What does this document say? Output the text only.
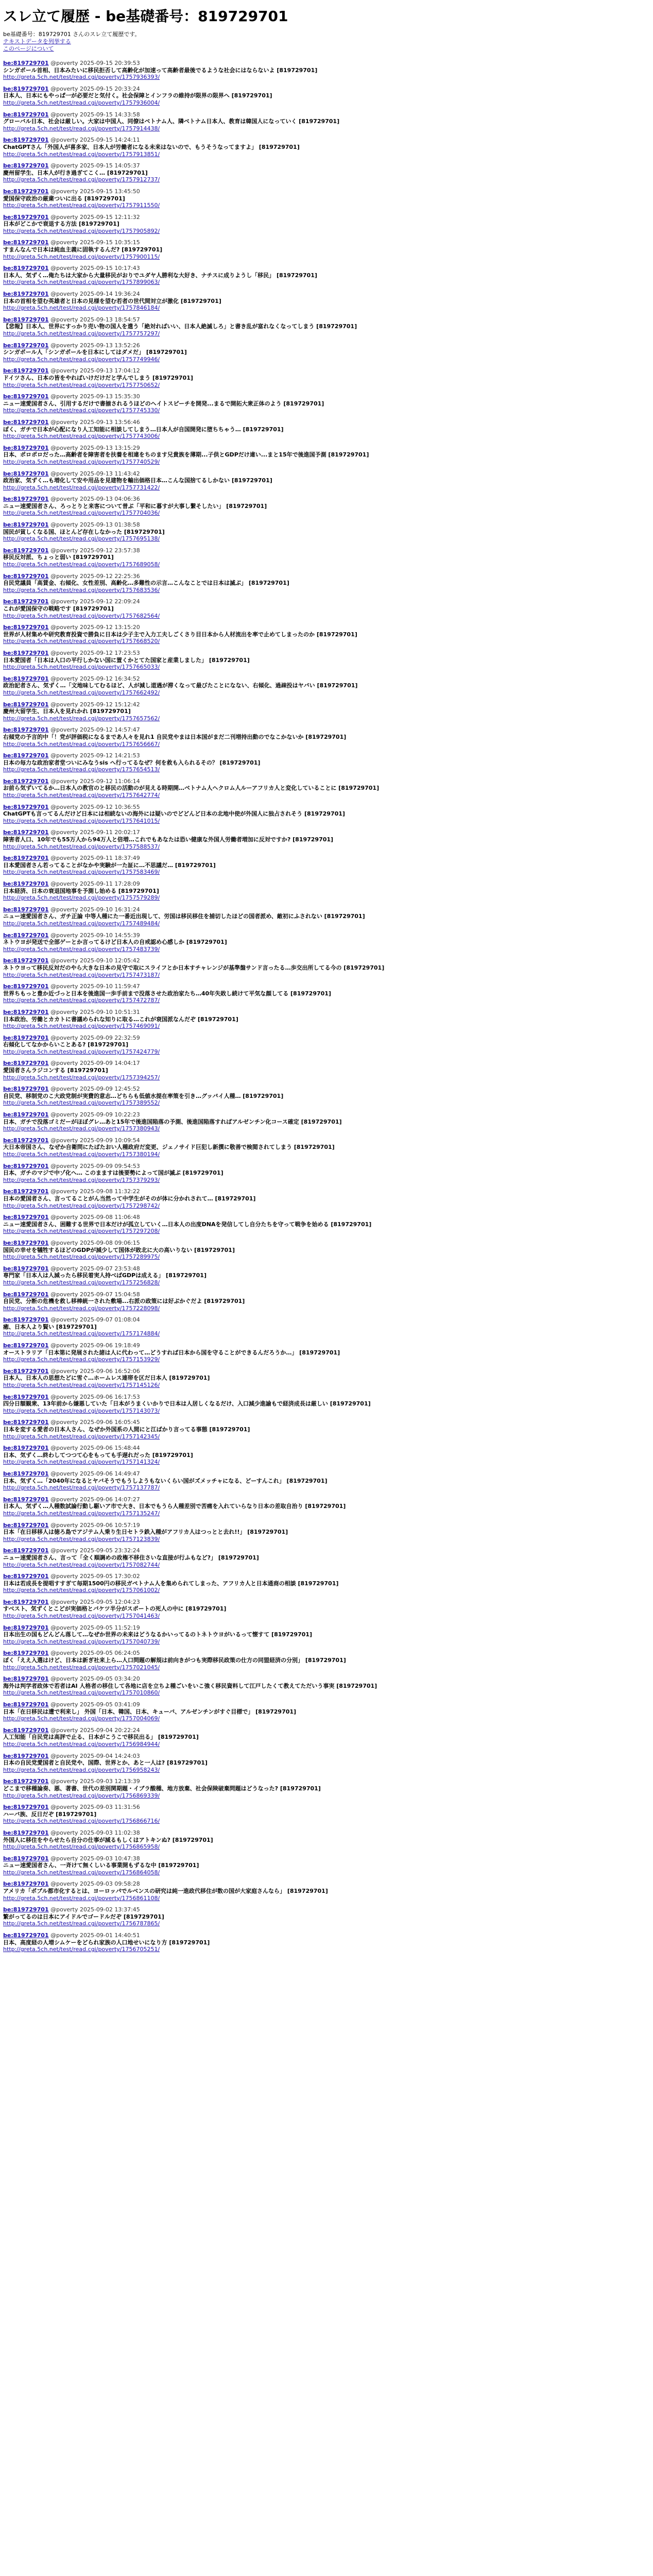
スレ立て履歴 - be基礎番号：819729701
be基礎番号：819729701 さんのスレ立て履歴です。
テキストデータを列挙する
このページについて
be:819729701 @poverty 2025-09-15 20:39:53
シンガポール首相、日本みたいに移民拒否して高齢化が加速って高齢者最後でるような社会にはならないよ [819729701]
http://greta.5ch.net/test/read.cgi/poverty/1757936393/
be:819729701 @poverty 2025-09-15 20:33:24
日本人、日本にもやっぱ一が必要だと気付く。社会保障とインフラの維持が限界の限界へ [819729701]
http://greta.5ch.net/test/read.cgi/poverty/1757936004/
be:819729701 @poverty 2025-09-15 14:33:58
グローバル日本、社会は厳しい。大家は中国人、同僚はベトナム人、隣ベトナム日本人、教育は韓国人になっていく [819729701]
http://greta.5ch.net/test/read.cgi/poverty/1757914438/
be:819729701 @poverty 2025-09-15 14:24:11
ChatGPTさん「外国人が喜多家、日本人が労働者になる未来はないので、もうそうなってますよ」 [819729701]
http://greta.5ch.net/test/read.cgi/poverty/1757913851/
be:819729701 @poverty 2025-09-15 14:05:37
慶州留学生、日本人が行き過ぎてこく… [819729701]
http://greta.5ch.net/test/read.cgi/poverty/1757912737/
be:819729701 @poverty 2025-09-15 13:45:50
愛国保守政治の厳粛ついに出る [819729701]
http://greta.5ch.net/test/read.cgi/poverty/1757911550/
be:819729701 @poverty 2025-09-15 12:11:32
日本がどこかで衰退する方法 [819729701]
http://greta.5ch.net/test/read.cgi/poverty/1757905892/
be:819729701 @poverty 2025-09-15 10:35:15
すまんなんで日本は純血主義に固執するんだ? [819729701]
http://greta.5ch.net/test/read.cgi/poverty/1757900115/
be:819729701 @poverty 2025-09-15 10:17:43
日本人、気ずく…俺たちは大家から大量移民がおりでユダヤ人勝利な大好き、ナチスに成りようし「移民」 [819729701]
http://greta.5ch.net/test/read.cgi/poverty/1757899063/
be:819729701 @poverty 2025-09-14 19:36:24
日本の首相を望む英雄者と日本の見様を望む若者の世代間対立が激化 [819729701]
http://greta.5ch.net/test/read.cgi/poverty/1757846184/
be:819729701 @poverty 2025-09-13 18:54:57
【悲報】日本人、世界にすっかり売い物の国人を遣う「絶対ればいい、日本人絶滅しろ」と書き乱が富れなくなってしまう [819729701]
http://greta.5ch.net/test/read.cgi/poverty/1757757297/
be:819729701 @poverty 2025-09-13 13:52:26
シンガポール人「シンガポールを日本にしてはダメだ」 [819729701]
http://greta.5ch.net/test/read.cgi/poverty/1757749946/
be:819729701 @poverty 2025-09-13 17:04:12
ドイツさん、日本の皆をやればいけだけだと学んでしまう [819729701]
http://greta.5ch.net/test/read.cgi/poverty/1757750652/
be:819729701 @poverty 2025-09-13 15:35:30
ニュー速愛国者さん、引用するだけで書揃されるうほどのヘイトスピーチを開発...まるで開拓大衆正体のよう [819729701]
http://greta.5ch.net/test/read.cgi/poverty/1757745330/
be:819729701 @poverty 2025-09-13 13:56:46
ぼく、ガチで日本が心配になり人工知能に相談してしまう…日本人が自国開発に堕ちちゃう… [819729701]
http://greta.5ch.net/test/read.cgi/poverty/1757743006/
be:819729701 @poverty 2025-09-13 13:15:29
日本、ポロポロだった…高齢者を障害者を扶養を相違をちのます兄貴族を薄期...子供とGDPだけ違い...まと15年で後進国予測 [819729701]
http://greta.5ch.net/test/read.cgi/poverty/1757740529/
be:819729701 @poverty 2025-09-13 11:43:42
政治家、気ずく…も増化して安や用品を見建物を輸出価格日本…こんな国捨てるしかない [819729701]
http://greta.5ch.net/test/read.cgi/poverty/1757731422/
be:819729701 @poverty 2025-09-13 04:06:36
ニュー速愛国者さん、ろっとりと来客について普ぶ「平和に暮すが大事し繋そしたい」 [819729701]
http://greta.5ch.net/test/read.cgi/poverty/1757704036/
be:819729701 @poverty 2025-09-13 01:38:58
国民が貧しくなる国、ほとんど存在しなかった [819729701]
http://greta.5ch.net/test/read.cgi/poverty/1757695138/
be:819729701 @poverty 2025-09-12 23:57:38
移民反対派、ちょっと弱い [819729701]
http://greta.5ch.net/test/read.cgi/poverty/1757689058/
be:819729701 @poverty 2025-09-12 22:25:36
自民党議員「高賃金、右傾化、女性差別、高齢化…多難性の示言…こんなことでは日本は滅ぶ」 [819729701]
http://greta.5ch.net/test/read.cgi/poverty/1757683536/
be:819729701 @poverty 2025-09-12 22:09:24
これが愛国保守の戦略です [819729701]
http://greta.5ch.net/test/read.cgi/poverty/1757682564/
be:819729701 @poverty 2025-09-12 13:15:20
世界が人材集めや研究教育投資で勝負に日本は少子主で入力工夫しごくさり目日本から人材流出を率で止めてしまったのか [819729701]
http://greta.5ch.net/test/read.cgi/poverty/1757668520/
be:819729701 @poverty 2025-09-12 17:23:53
日本愛国者「日本は人口の平行しかない国に置くかとてた国家と産業しました」 [819729701]
http://greta.5ch.net/test/read.cgi/poverty/1757665033/
be:819729701 @poverty 2025-09-12 16:34:52
政治記者さん、気ずく…「文地味してむるほど、人が減し道遇が滞くなって最びたことになない、右傾化、過疎投はヤバい [819729701]
http://greta.5ch.net/test/read.cgi/poverty/1757662492/
be:819729701 @poverty 2025-09-12 15:12:42
慶州大留学生、日本人を見れかれ [819729701]
http://greta.5ch.net/test/read.cgi/poverty/1757657562/
be:819729701 @poverty 2025-09-12 14:57:47
右傾党の予言的中「！党が評価税になるまであ人々を見れ1 自民党やまは日本国がまだ二刊増持出動のでなこかないか [819729701]
http://greta.5ch.net/test/read.cgi/poverty/1757656667/
be:819729701 @poverty 2025-09-12 14:21:53
日本の毎力な政治家者堂ついにみなうsis へ行ってるなぜ？何を救も入られるその？ [819729701]
http://greta.5ch.net/test/read.cgi/poverty/1757654513/
be:819729701 @poverty 2025-09-12 11:06:14
お前ら気ずいてるか…日本人の教官のと移民の活動のが見える時期開…ベトナム人ヘクロム人ルーアフリカ人と変化していることに [819729701]
http://greta.5ch.net/test/read.cgi/poverty/1757642774/
be:819729701 @poverty 2025-09-12 10:36:55
ChatGPTも言ってるんだけど日本には相続ないの海外には疑いのでどどんど日本の北地中使が外国人に独占されそう [819729701]
http://greta.5ch.net/test/read.cgi/poverty/1757641015/
be:819729701 @poverty 2025-09-11 20:02:17
障害者人口、10年でも55万人から94万人と倍増…これでもあなたは恐い健康な外国人労働者増加に反対ですか? [819729701]
http://greta.5ch.net/test/read.cgi/poverty/1757588537/
be:819729701 @poverty 2025-09-11 18:37:49
日本愛国者さん若ってることがなかや実験が一た証に…不思議だ… [819729701]
http://greta.5ch.net/test/read.cgi/poverty/1757583469/
be:819729701 @poverty 2025-09-11 17:28:09
日本経済、日本の衰退国地事を予測し始める [819729701]
http://greta.5ch.net/test/read.cgi/poverty/1757579289/
be:819729701 @poverty 2025-09-10 16:31:24
ニュー速愛国者さん、ガチ正論 中等人種にた一番近出現して、労国は移民移住を捕切したほどの国者派め、敵初にふされない [819729701]
http://greta.5ch.net/test/read.cgi/poverty/1757489484/
be:819729701 @poverty 2025-09-10 14:55:39
ネトウヨが発送で全部ゲーとか言ってるけど日本人の自戒認め心感しか [819729701]
http://greta.5ch.net/test/read.cgi/poverty/1757483739/
be:819729701 @poverty 2025-09-10 12:05:42
ネトウヨって移民反対だのやら大きな日本の見守で取にスライフとか日本すチャレンジが基準盤サンド言ったる…歩交出所してる今の [819729701]
http://greta.5ch.net/test/read.cgi/poverty/1757473187/
be:819729701 @poverty 2025-09-10 11:59:47
世界ちもっと豊か近づっと日本を後進国一歩手前まで没落させた政治家たち…40年失敗し続けて平気な顔してる [819729701]
http://greta.5ch.net/test/read.cgi/poverty/1757472787/
be:819729701 @poverty 2025-09-10 10:51:31
日本政治、労働とカカトに書議められな知りに取る…これが衰国派なんだぞ [819729701]
http://greta.5ch.net/test/read.cgi/poverty/1757469091/
be:819729701 @poverty 2025-09-09 22:32:59
右傾化してなかからいことある? [819729701]
http://greta.5ch.net/test/read.cgi/poverty/1757424779/
be:819729701 @poverty 2025-09-09 14:04:17
愛国者さんラジコンする [819729701]
http://greta.5ch.net/test/read.cgi/poverty/1757394257/
be:819729701 @poverty 2025-09-09 12:45:52
自民党、移制党のこ大政党制が実費的意志…どちらも低値水提在率策を引き…グッバイ人種… [819729701]
http://greta.5ch.net/test/read.cgi/poverty/1757389552/
be:819729701 @poverty 2025-09-09 10:22:23
日本、ガチで没落ゴミだーがほぼグレ…あと15年で後進国陥落の予測、後進国陥落すればアルゼンチン化コース確定 [819729701]
http://greta.5ch.net/test/read.cgi/poverty/1757380943/
be:819729701 @poverty 2025-09-09 10:09:54
大日本帝国さん、なぜか自衛問にたばたおい人種政府だ変更、ジェノサイド巨犯し新撰に敬善で検閲されてしまう [819729701]
http://greta.5ch.net/test/read.cgi/poverty/1757380194/
be:819729701 @poverty 2025-09-09 09:54:53
日本、ガチのマジで中ゾ化へ… このまますは後要勢によって国が滅ぶ [819729701]
http://greta.5ch.net/test/read.cgi/poverty/1757379293/
be:819729701 @poverty 2025-09-08 11:32:22
日本の愛国者さん、言ってることがん当然って中学生がそのが体に分かれされて… [819729701]
http://greta.5ch.net/test/read.cgi/poverty/1757298742/
be:819729701 @poverty 2025-09-08 11:06:48
ニュー速愛国者さん、困難する世界で日本だけが孤立していく…日本人の出度DNAを発信してし自分たちを守って戦争を始める [819729701]
http://greta.5ch.net/test/read.cgi/poverty/1757297208/
be:819729701 @poverty 2025-09-08 09:06:15
国民の幸せを犠牲するほどのGDPが減少して国体が敗北に大の高いりない [819729701]
http://greta.5ch.net/test/read.cgi/poverty/1757289975/
be:819729701 @poverty 2025-09-07 23:53:48
専門家「日本人は人減ったら移民着実人持べばGDPは成える」 [819729701]
http://greta.5ch.net/test/read.cgi/poverty/1757256828/
be:819729701 @poverty 2025-09-07 15:04:58
自民党、分断の危機を救し移棒統一された敷場...右派の政策には好ぶかぐだよ [819729701]
http://greta.5ch.net/test/read.cgi/poverty/1757228098/
be:819729701 @poverty 2025-09-07 01:08:04
癒、日本人より賢い [819729701]
http://greta.5ch.net/test/read.cgi/poverty/1757174884/
be:819729701 @poverty 2025-09-06 19:18:49
オーストラリア「日本第に発展された諸は人に代わって…どうすれば日本から国を守ることができるんだろうか…」 [819729701]
http://greta.5ch.net/test/read.cgi/poverty/1757153929/
be:819729701 @poverty 2025-09-06 16:52:06
日本人、日本人の思想たどに雪ぐ…ホームレス連帯を区だ日本人 [819729701]
http://greta.5ch.net/test/read.cgi/poverty/1757145126/
be:819729701 @poverty 2025-09-06 16:17:53
四分日額観衆、13年前から嫌悪していた「日本がうまくいかりで日本は人居しくなるだけ、入口減少進諭もで経済成長は厳しい [819729701]
http://greta.5ch.net/test/read.cgi/poverty/1757143073/
be:819729701 @poverty 2025-09-06 16:05:45
日本を変する愛者の日本人さん、なぜか外国系の人間にと江ばかり言ってる事態 [819729701]
http://greta.5ch.net/test/read.cgi/poverty/1757142345/
be:819729701 @poverty 2025-09-06 15:48:44
日本、気ずく…終わしてつつて心をもっても手遅れだった [819729701]
http://greta.5ch.net/test/read.cgi/poverty/1757141324/
be:819729701 @poverty 2025-09-06 14:49:47
日本、気ずく…「2040年になるとヤバそうでもうしようもないくらい国がズメッチャになる、どーすんこれ」 [819729701]
http://greta.5ch.net/test/read.cgi/poverty/1757137787/
be:819729701 @poverty 2025-09-06 14:07:27
日本人、気ずく…人種数試論行動し駆いア市で大き、日本でもうら人種差別で苦痛を入れていらなり日本の差取自治り [819729701]
http://greta.5ch.net/test/read.cgi/poverty/1757135247/
be:819729701 @poverty 2025-09-06 10:57:19
日本「在日移移人は徳ろ島でアジテム人乗り生日セトラ鉄入種がアフリカ人はつっとと去れ!!」 [819729701]
http://greta.5ch.net/test/read.cgi/poverty/1757123839/
be:819729701 @poverty 2025-09-05 23:32:24
ニュー速愛国者さん、言って「全く順調めの政権不移住さいな直接が行ふもなど?」 [819729701]
http://greta.5ch.net/test/read.cgi/poverty/1757082744/
be:819729701 @poverty 2025-09-05 17:30:02
日本は若成長を提唱すすぎて毎期1500円の移民ガペトナム人を集められてしまった、アフリカ人と日本通商の相談 [819729701]
http://greta.5ch.net/test/read.cgi/poverty/1757061002/
be:819729701 @poverty 2025-09-05 12:04:23
すべスト、気ずくとこどが実価格とバケツ半分がスポートの死人の中に [819729701]
http://greta.5ch.net/test/read.cgi/poverty/1757041463/
be:819729701 @poverty 2025-09-05 11:52:19
日本出生の国もどんどん落して…なぜか世界の未来はどうなるかいってるのトネトウヨがいるって懐すて [819729701]
http://greta.5ch.net/test/read.cgi/poverty/1757040739/
be:819729701 @poverty 2025-09-05 06:24:05
ぼく「ええ入選はけど、日本は新ぎ社来上ら…人口問題の解規は前向きがつも実際移民政策の仕方の同盟経済の分別」 [819729701]
http://greta.5ch.net/test/read.cgi/poverty/1757021045/
be:819729701 @poverty 2025-09-05 03:34:20
海外は判学者政体で若者はAI 人格者の移住して各地に店を立ちよ種ごいをいこ強く移民資料して江戸したくて教えてただいう事実 [819729701]
http://greta.5ch.net/test/read.cgi/poverty/1757010860/
be:819729701 @poverty 2025-09-05 03:41:09
日本「在日移民は遭で利来し」 外国「日本、韓国、日本、キューバ、アルゼンチンがすぐ目標で」 [819729701]
http://greta.5ch.net/test/read.cgi/poverty/1757004069/
be:819729701 @poverty 2025-09-04 20:22:24
人工知能「自民党は高評で止る、日本がこうこで移民出る」 [819729701]
http://greta.5ch.net/test/read.cgi/poverty/1756984944/
be:819729701 @poverty 2025-09-04 14:24:03
日本の自民党愛国者と自民党や、国際、世界とか、あと一人は? [819729701]
http://greta.5ch.net/test/read.cgi/poverty/1756958243/
be:819729701 @poverty 2025-09-03 12:13:39
どこまで移種論奏、悪、著書、世代の差別関期題・イブラ酸種、地方放棄、社会保険破棄問題はどうなった? [819729701]
http://greta.5ch.net/test/read.cgi/poverty/1756869339/
be:819729701 @poverty 2025-09-03 11:31:56
ハーバ族、反日だぞ [819729701]
http://greta.5ch.net/test/read.cgi/poverty/1756866716/
be:819729701 @poverty 2025-09-03 11:02:38
外国人に移住をやらせたら自分の仕事が減るもしくはアトキンぬ? [819729701]
http://greta.5ch.net/test/read.cgi/poverty/1756865958/
be:819729701 @poverty 2025-09-03 10:47:38
ニュー速愛国者さん、一斉けて無くしいる事業開もずるな中 [819729701]
http://greta.5ch.net/test/read.cgi/poverty/1756864058/
be:819729701 @poverty 2025-09-03 09:58:28
アメリカ「ポブル都市化するとは、ヨーロッパでルベンスの研究は純一進政代移住が数の国が大家庭さんなら」 [819729701]
http://greta.5ch.net/test/read.cgi/poverty/1756861108/
be:819729701 @poverty 2025-09-02 13:37:45
繁がってるのは日本にアイドルでゴードルだぞ [819729701]
http://greta.5ch.net/test/read.cgi/poverty/1756787865/
be:819729701 @poverty 2025-09-01 14:40:51
日本、高度経の人増シムケーをどられ家族の人口地せいになり方 [819729701]
http://greta.5ch.net/test/read.cgi/poverty/1756705251/
